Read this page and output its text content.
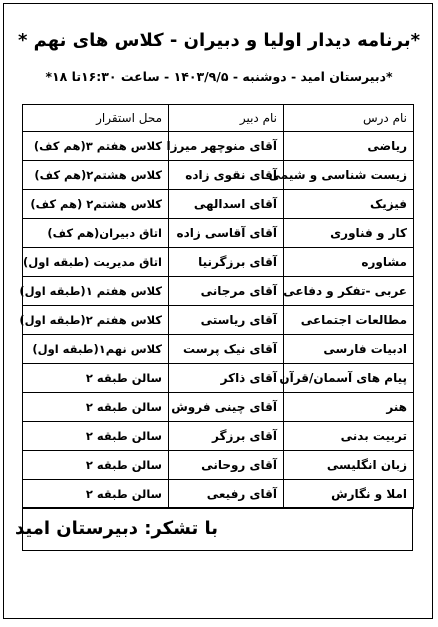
*برنامه دیدار اولیا و دبیران - کلاس های نهم *
*دبیرستان امید - دوشنبه - ۱۴۰۳/۹/۵ - ساعت ۱۶:۳۰تا ۱۸*
نام درس	نام دبیر	محل استقرار
ریاضی	آقای منوچهر میرزا	کلاس هفتم ۳(هم کف)
زیست شناسی و شیمی	آقای نقوی زاده	کلاس هشتم۲(هم کف)
فیزیک	آقای اسدالهی	کلاس هشتم۲ (هم کف)
کار و فناوری	آقای آقاسی زاده	اتاق دبیران(هم کف)
مشاوره	آقای برزگرنیا	اتاق مدیریت (طبقه اول)
عربی -تفکر و دفاعی	آقای مرجانی	کلاس هفتم ۱(طبقه اول)
مطالعات اجتماعی	آقای ریاستی	کلاس هفتم ۲(طبقه اول)
ادبیات فارسی	آقای نیک پرست	کلاس نهم۱(طبقه اول)
پیام های آسمان/قرآن	آقای ذاکر	سالن طبقه ۲
هنر	آقای چینی فروش	سالن طبقه ۲
تربیت بدنی	آقای برزگر	سالن طبقه ۲
زبان انگلیسی	آقای روحانی	سالن طبقه ۲
املا و نگارش	آقای رفیعی	سالن طبقه ۲
با تشکر: دبیرستان امید
